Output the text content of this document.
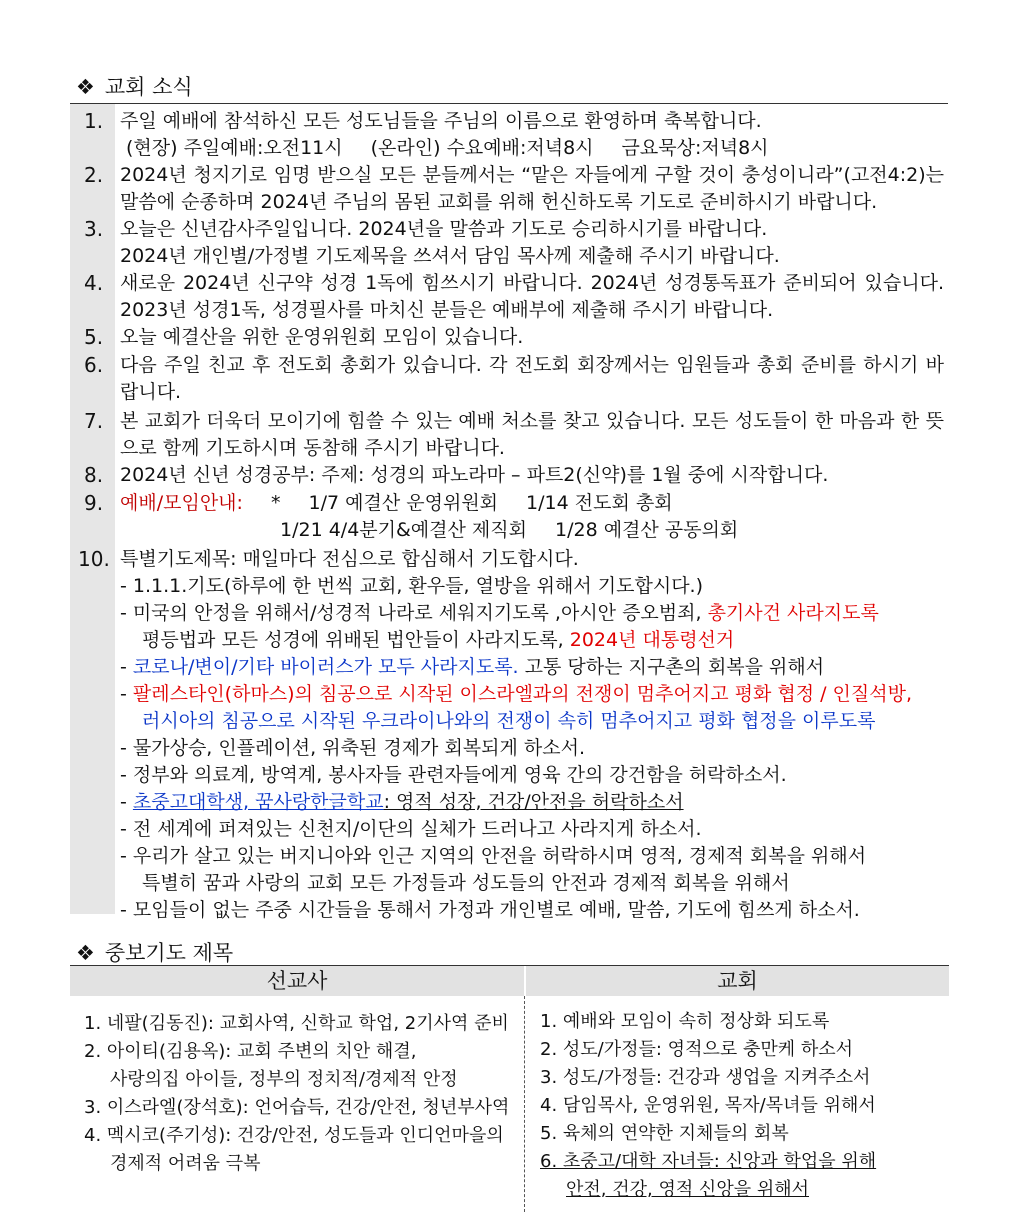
❖ 교회 소식
1. 주일 예배에 참석하신 모든 성도님들을 주님의 이름으로 환영하며 축복합니다.
(현장) 주일예배:오전11시 (온라인) 수요예배:저녁8시 금요묵상:저녁8시
2. 2024년 청지기로 임명 받으실 모든 분들께서는 “맡은 자들에게 구할 것이 충성이니라”(고전4:2)는 말씀에 순종하며 2024년 주님의 몸된 교회를 위해 헌신하도록 기도로 준비하시기 바랍니다.
3. 오늘은 신년감사주일입니다. 2024년을 말씀과 기도로 승리하시기를 바랍니다.
2024년 개인별/가정별 기도제목을 쓰셔서 담임 목사께 제출해 주시기 바랍니다.
4. 새로운 2024년 신구약 성경 1독에 힘쓰시기 바랍니다. 2024년 성경통독표가 준비되어 있습니다. 2023년 성경1독, 성경필사를 마치신 분들은 예배부에 제출해 주시기 바랍니다.
5. 오늘 예결산을 위한 운영위원회 모임이 있습니다.
6. 다음 주일 친교 후 전도회 총회가 있습니다. 각 전도회 회장께서는 임원들과 총회 준비를 하시기 바랍니다.
7. 본 교회가 더욱더 모이기에 힘쓸 수 있는 예배 처소를 찾고 있습니다. 모든 성도들이 한 마음과 한 뜻으로 함께 기도하시며 동참해 주시기 바랍니다.
8. 2024년 신년 성경공부: 주제: 성경의 파노라마 – 파트2(신약)를 1월 중에 시작합니다.
9. 예배/모임안내: * 1/7 예결산 운영위원회 1/14 전도회 총회
1/21 4/4분기&예결산 제직회 1/28 예결산 공동의회
10. 특별기도제목: 매일마다 전심으로 합심해서 기도합시다.
- 1.1.1.기도(하루에 한 번씩 교회, 환우들, 열방을 위해서 기도합시다.)
- 미국의 안정을 위해서/성경적 나라로 세워지기도록 ,아시안 증오범죄, 총기사건 사라지도록
평등법과 모든 성경에 위배된 법안들이 사라지도록, 2024년 대통령선거
- 코로나/변이/기타 바이러스가 모두 사라지도록. 고통 당하는 지구촌의 회복을 위해서
- 팔레스타인(하마스)의 침공으로 시작된 이스라엘과의 전쟁이 멈추어지고 평화 협정 / 인질석방,
러시아의 침공으로 시작된 우크라이나와의 전쟁이 속히 멈추어지고 평화 협정을 이루도록
- 물가상승, 인플레이션, 위축된 경제가 회복되게 하소서.
- 정부와 의료계, 방역계, 봉사자들 관련자들에게 영육 간의 강건함을 허락하소서.
- 초중고대학생, 꿈사랑한글학교: 영적 성장, 건강/안전을 허락하소서
- 전 세계에 퍼져있는 신천지/이단의 실체가 드러나고 사라지게 하소서.
- 우리가 살고 있는 버지니아와 인근 지역의 안전을 허락하시며 영적, 경제적 회복을 위해서
특별히 꿈과 사랑의 교회 모든 가정들과 성도들의 안전과 경제적 회복을 위해서
- 모임들이 없는 주중 시간들을 통해서 가정과 개인별로 예배, 말씀, 기도에 힘쓰게 하소서.
❖ 중보기도 제목
선교사	교회
1. 네팔(김동진): 교회사역, 신학교 학업, 2기사역 준비
2. 아이티(김용옥): 교회 주변의 치안 해결,
사랑의집 아이들, 정부의 정치적/경제적 안정
3. 이스라엘(장석호): 언어습득, 건강/안전, 청년부사역
4. 멕시코(주기성): 건강/안전, 성도들과 인디언마을의
경제적 어려움 극복
1. 예배와 모임이 속히 정상화 되도록
2. 성도/가정들: 영적으로 충만케 하소서
3. 성도/가정들: 건강과 생업을 지켜주소서
4. 담임목사, 운영위원, 목자/목녀들 위해서
5. 육체의 연약한 지체들의 회복
6. 초중고/대학 자녀들: 신앙과 학업을 위해
안전, 건강, 영적 신앙을 위해서
